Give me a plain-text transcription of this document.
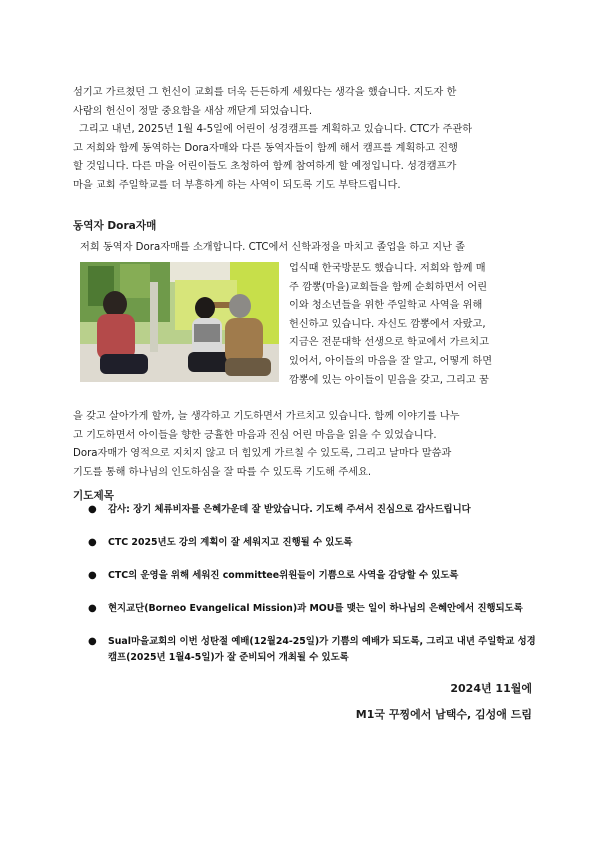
섬기고 가르쳤던 그 헌신이 교회를 더욱 든든하게 세웠다는 생각을 했습니다. 지도자 한
사람의 헌신이 정말 중요함을 새삼 깨닫게 되었습니다.
그리고 내년, 2025년 1월 4-5일에 어린이 성경캠프를 계획하고 있습니다. CTC가 주관하
고 저희와 함께 동역하는 Dora자매와 다른 동역자들이 함께 해서 캠프를 계획하고 진행
할 것입니다. 다른 마을 어린이들도 초청하여 함께 참여하게 할 예정입니다. 성경캠프가
마을 교회 주일학교를 더 부흥하게 하는 사역이 되도록 기도 부탁드립니다.
동역자 Dora자매
저희 동역자 Dora자매를 소개합니다. CTC에서 신학과정을 마치고 졸업을 하고 지난 졸
업식때 한국방문도 했습니다. 저희와 함께 매
주 깜뽕(마을)교회들을 함께 순회하면서 어린
이와 청소년들을 위한 주일학교 사역을 위해
헌신하고 있습니다. 자신도 깜뽕에서 자랐고,
지금은 전문대학 선생으로 학교에서 가르치고
있어서, 아이들의 마음을 잘 알고, 어떻게 하면
깜뽕에 있는 아이들이 믿음을 갖고, 그리고 꿈
을 갖고 살아가게 할까, 늘 생각하고 기도하면서 가르치고 있습니다. 함께 이야기를 나누
고 기도하면서 아이들을 향한 긍휼한 마음과 진심 어린 마음을 읽을 수 있었습니다.
Dora자매가 영적으로 지치지 않고 더 힘있게 가르칠 수 있도록, 그리고 날마다 말씀과
기도를 통해 하나님의 인도하심을 잘 따를 수 있도록 기도해 주세요.
기도제목
● 감사: 장기 체류비자를 은혜가운데 잘 받았습니다. 기도해 주셔서 진심으로 감사드립니다
● CTC 2025년도 강의 계획이 잘 세워지고 진행될 수 있도록
● CTC의 운영을 위해 세워진 committee위원들이 기쁨으로 사역을 감당할 수 있도록
● 현지교단(Borneo Evangelical Mission)과 MOU를 맺는 일이 하나님의 은혜안에서 진행되도록
● Sual마을교회의 이번 성탄절 예배(12월24-25일)가 기쁨의 예배가 되도록, 그리고 내년 주일학교 성경캠프(2025년 1월4-5일)가 잘 준비되어 개최될 수 있도록
2024년 11월에
M1국 꾸찡에서 남택수, 김성애 드림
